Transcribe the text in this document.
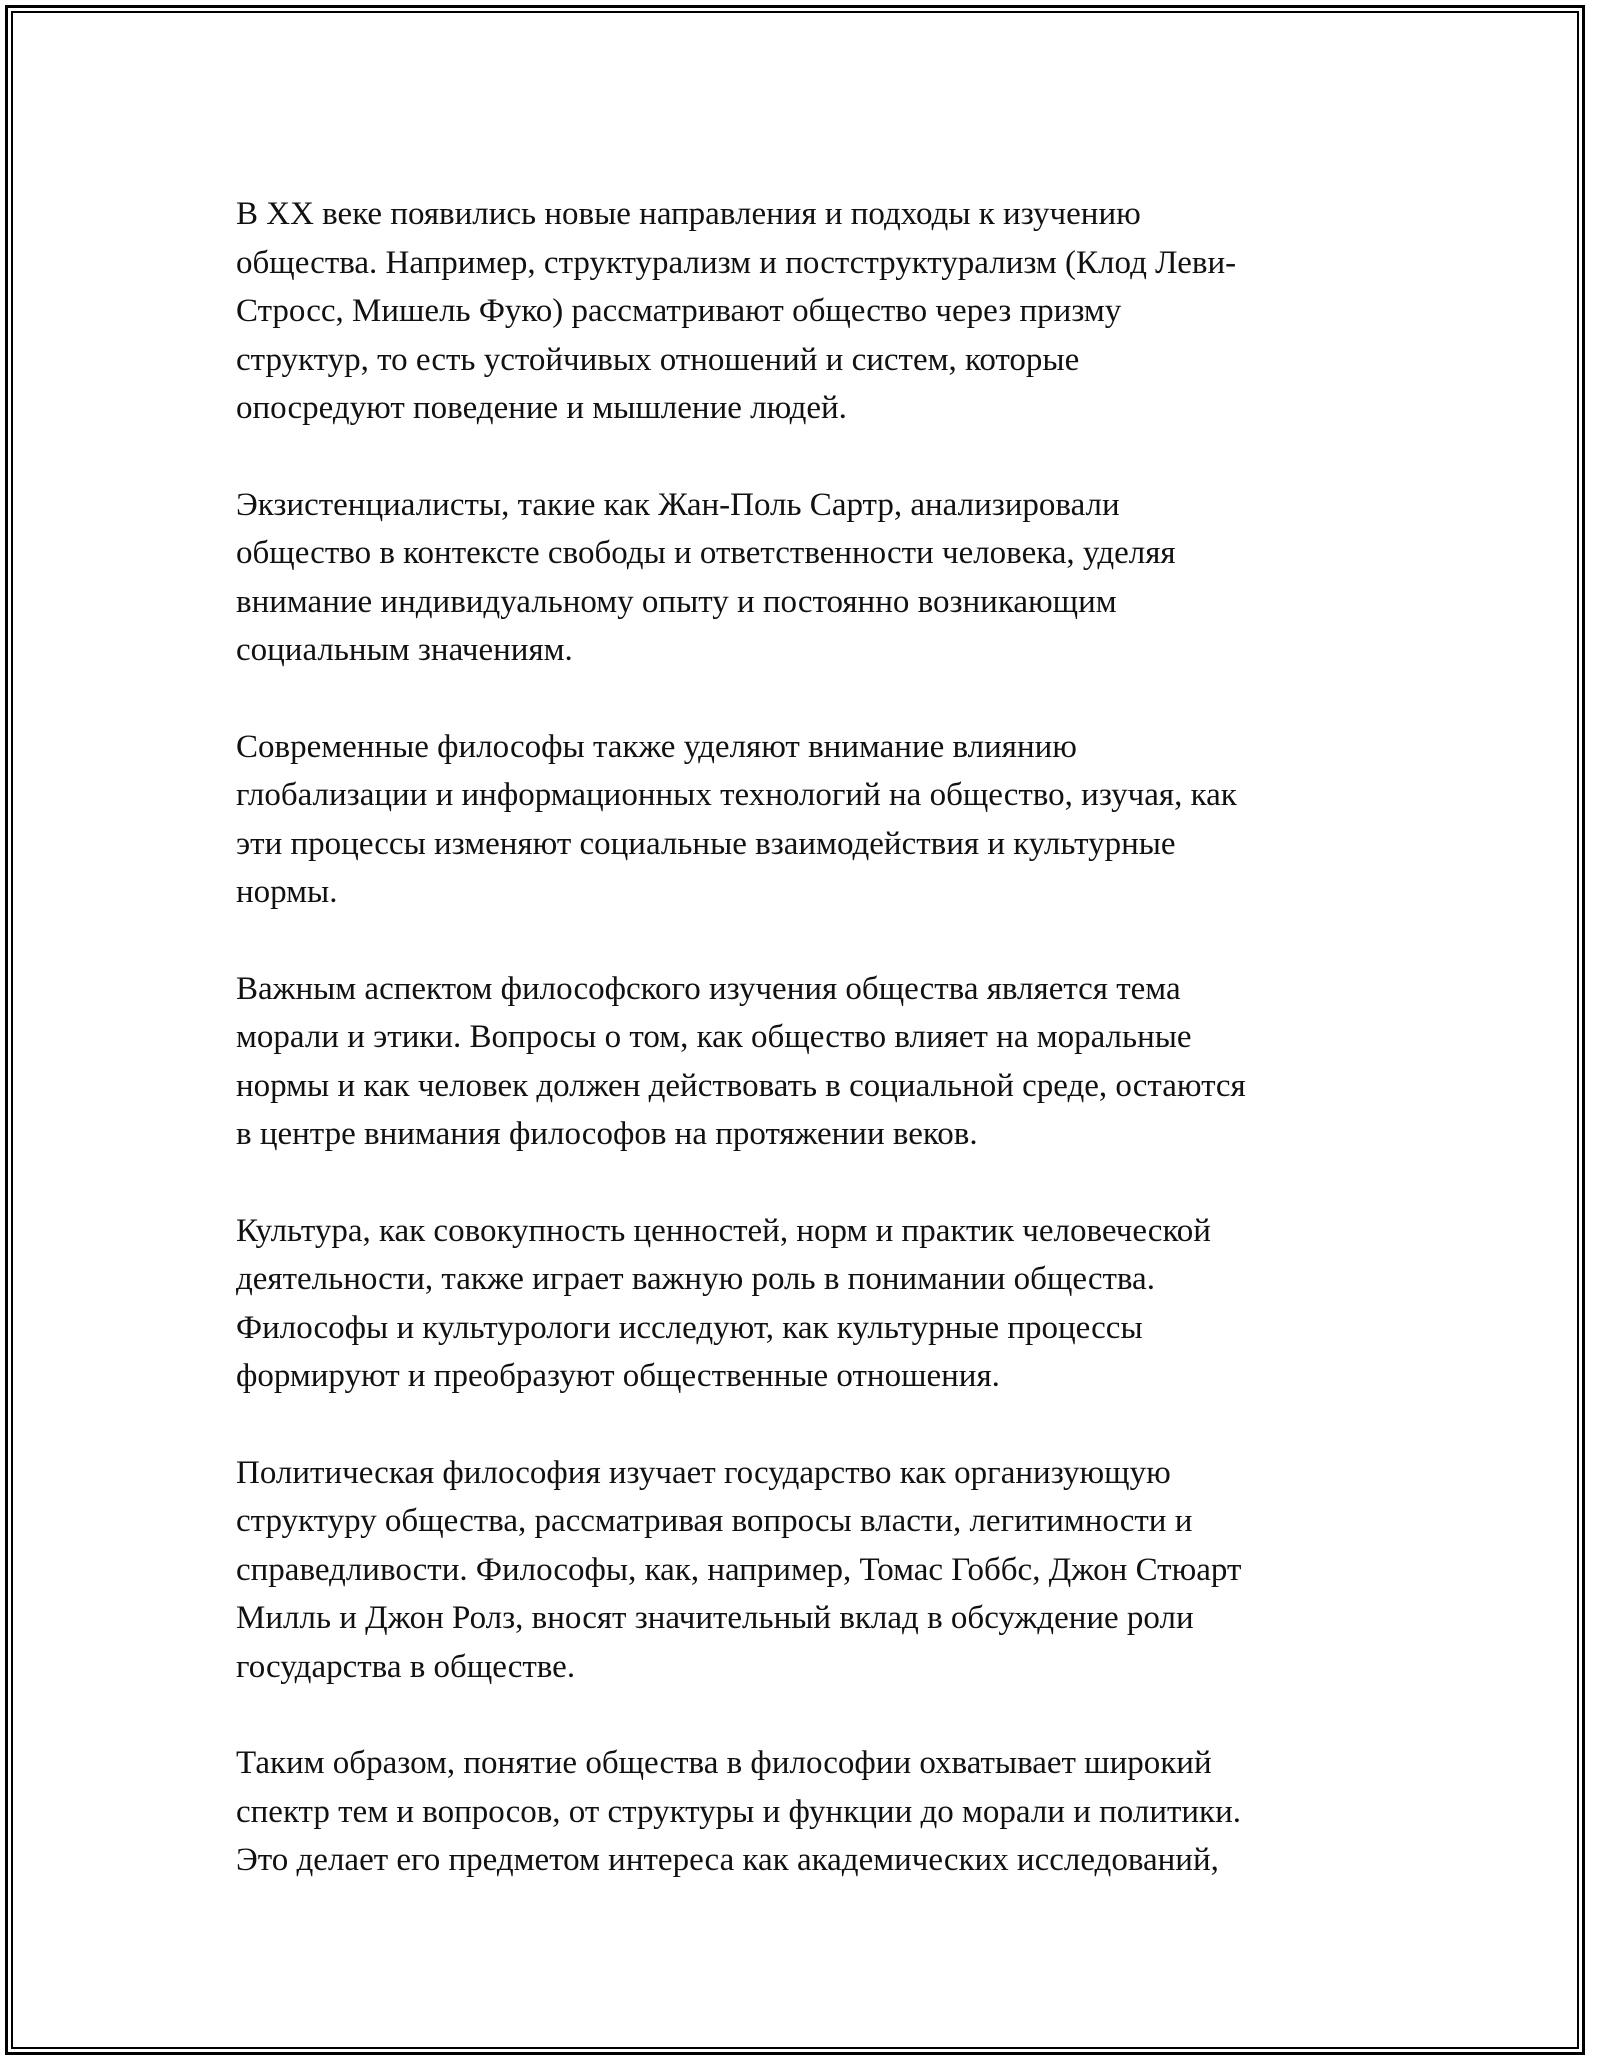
В XX веке появились новые направления и подходы к изучению
общества. Например, структурализм и постструктурализм (Клод Леви-
Стросс, Мишель Фуко) рассматривают общество через призму
структур, то есть устойчивых отношений и систем, которые
опосредуют поведение и мышление людей.

Экзистенциалисты, такие как Жан-Поль Сартр, анализировали
общество в контексте свободы и ответственности человека, уделяя
внимание индивидуальному опыту и постоянно возникающим
социальным значениям.

Современные философы также уделяют внимание влиянию
глобализации и информационных технологий на общество, изучая, как
эти процессы изменяют социальные взаимодействия и культурные
нормы.

Важным аспектом философского изучения общества является тема
морали и этики. Вопросы о том, как общество влияет на моральные
нормы и как человек должен действовать в социальной среде, остаются
в центре внимания философов на протяжении веков.

Культура, как совокупность ценностей, норм и практик человеческой
деятельности, также играет важную роль в понимании общества.
Философы и культурологи исследуют, как культурные процессы
формируют и преобразуют общественные отношения.

Политическая философия изучает государство как организующую
структуру общества, рассматривая вопросы власти, легитимности и
справедливости. Философы, как, например, Томас Гоббс, Джон Стюарт
Милль и Джон Ролз, вносят значительный вклад в обсуждение роли
государства в обществе.

Таким образом, понятие общества в философии охватывает широкий
спектр тем и вопросов, от структуры и функции до морали и политики.
Это делает его предметом интереса как академических исследований,
